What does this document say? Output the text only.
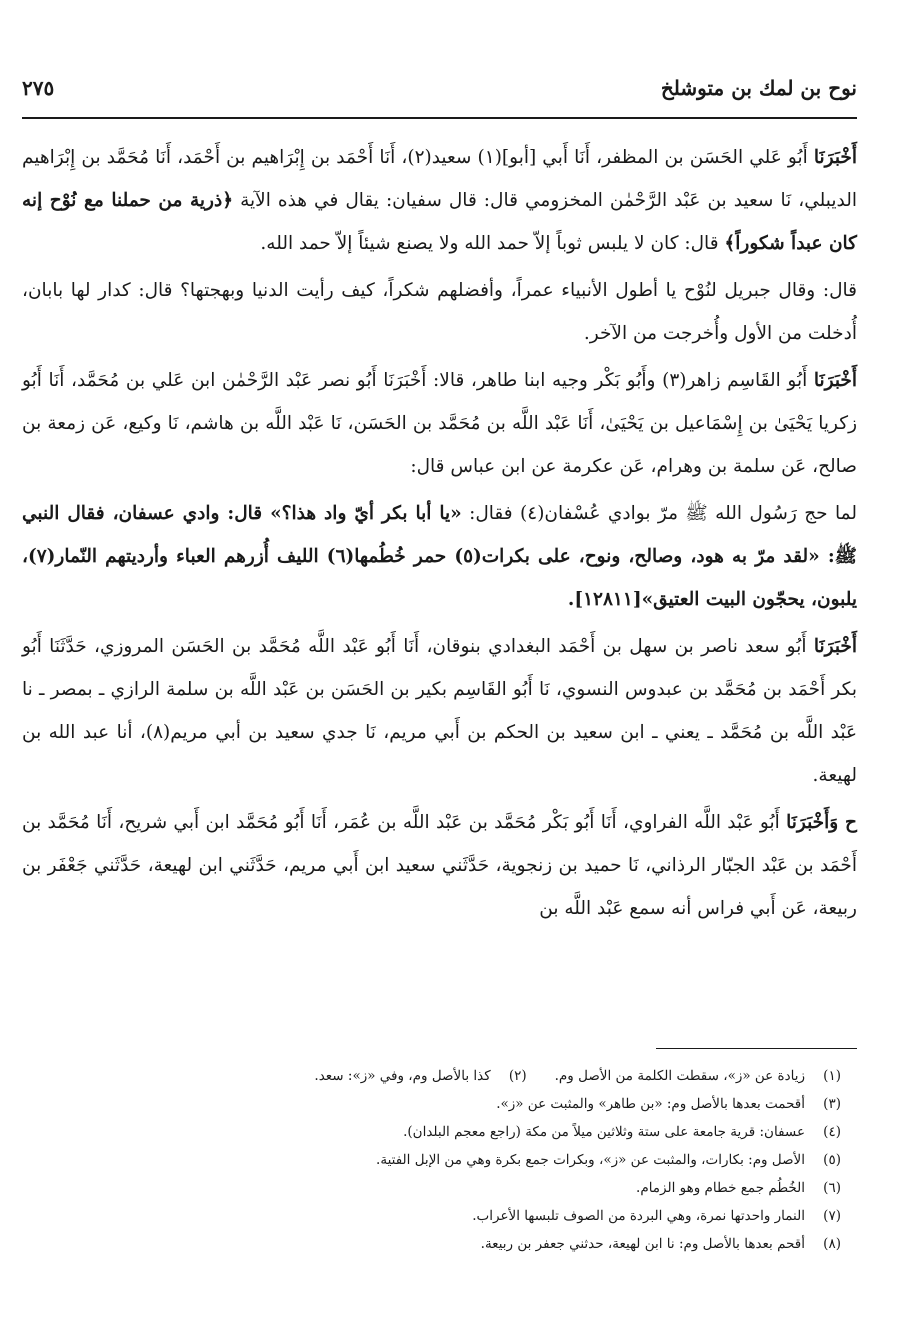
نوح بن لمك بن متوشلخ
٢٧٥

أَخْبَرَنَا أَبُو عَلي الحَسَن بن المظفر، أَنَا أَبي [أبو](١) سعيد(٢)، أَنَا أَحْمَد بن إِبْرَاهيم بن أَحْمَد، أَنَا مُحَمَّد بن إِبْرَاهيم الديبلي، نَا سعيد بن عَبْد الرَّحْمٰن المخزومي قال: قال سفيان: يقال في هذه الآية ﴿ذرية من حملنا مع نُوْح إنه كان عبداً شكوراً﴾ قال: كان لا يلبس ثوباً إلاّ حمد الله ولا يصنع شيئاً إلاّ حمد الله.

قال: وقال جبريل لنُوْح يا أطول الأنبياء عمراً، وأفضلهم شكراً، كيف رأيت الدنيا وبهجتها؟ قال: كدار لها بابان، أُدخلت من الأول وأُخرجت من الآخر.

أَخْبَرَنَا أَبُو القَاسِم زاهر(٣) وأَبُو بَكْر وجيه ابنا طاهر، قالا: أَخْبَرَنَا أَبُو نصر عَبْد الرَّحْمٰن ابن عَلي بن مُحَمَّد، أَنَا أَبُو زكريا يَحْيَىٰ بن إِسْمَاعيل بن يَحْيَىٰ، أَنَا عَبْد اللَّه بن مُحَمَّد بن الحَسَن، نَا عَبْد اللَّه بن هاشم، نَا وكيع، عَن زمعة بن صالح، عَن سلمة بن وهرام، عَن عكرمة عن ابن عباس قال:

لما حج رَسُول الله ﷺ مرّ بوادي عُسْفان(٤) فقال: «يا أبا بكر أيّ واد هذا؟» قال: وادي عسفان، فقال النبي ﷺ: «لقد مرّ به هود، وصالح، ونوح، على بكرات(٥) حمر خُطُمها(٦) الليف أُزرهم العباء وأرديتهم النّمار(٧)، يلبون، يحجّون البيت العتيق»[١٢٨١١].

أَخْبَرَنَا أَبُو سعد ناصر بن سهل بن أَحْمَد البغدادي بنوقان، أَنَا أَبُو عَبْد اللَّه مُحَمَّد بن الحَسَن المروزي، حَدَّثَنَا أَبُو بكر أَحْمَد بن مُحَمَّد بن عبدوس النسوي، نَا أَبُو القَاسِم بكير بن الحَسَن بن عَبْد اللَّه بن سلمة الرازي ـ بمصر ـ نا عَبْد اللَّه بن مُحَمَّد ـ يعني ـ ابن سعيد بن الحكم بن أَبي مريم، نَا جدي سعيد بن أبي مريم(٨)، أنا عبد الله بن لهيعة.

ح وَأَخْبَرَنَا أَبُو عَبْد اللَّه الفراوي، أَنَا أَبُو بَكْر مُحَمَّد بن عَبْد اللَّه بن عُمَر، أَنَا أَبُو مُحَمَّد ابن أَبي شريح، أَنَا مُحَمَّد بن أَحْمَد بن عَبْد الجبّار الرذاني، نَا حميد بن زنجوية، حَدَّثَني سعيد ابن أَبي مريم، حَدَّثَني ابن لهيعة، حَدَّثَني جَعْفَر بن ربيعة، عَن أَبي فراس أنه سمع عَبْد اللَّه بن

(١)زيادة عن «ز»، سقطت الكلمة من الأصل وم.(٢)كذا بالأصل وم، وفي «ز»: سعد.
(٣)أقحمت بعدها بالأصل وم: «بن طاهر» والمثبت عن «ز».
(٤)عسفان: قرية جامعة على ستة وثلاثين ميلاً من مكة (راجع معجم البلدان).
(٥)الأصل وم: بكارات، والمثبت عن «ز»، وبكرات جمع بكرة وهي من الإبل الفتية.
(٦)الخُطُم جمع خطام وهو الزمام.
(٧)النمار واحدتها نمرة، وهي البردة من الصوف تلبسها الأعراب.
(٨)أقحم بعدها بالأصل وم: نا ابن لهيعة، حدثني جعفر بن ربيعة.
